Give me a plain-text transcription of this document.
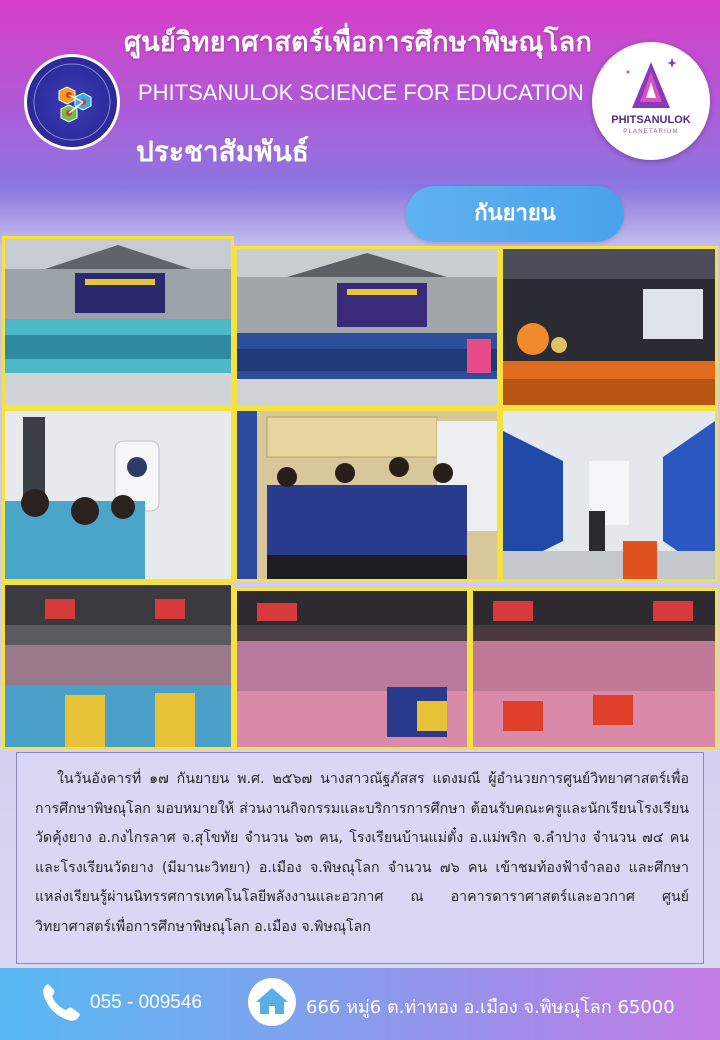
ศูนย์วิทยาศาสตร์เพื่อการศึกษาพิษณุโลก
PHITSANULOK SCIENCE FOR EDUCATION
ประชาสัมพันธ์
PHITSANULOK
PLANETARIUM
กันยายน
ในวันอังคารที่ ๑๗ กันยายน พ.ศ. ๒๕๖๗ นางสาวณัฐภัสสร แดงมณี ผู้อำนวยการศูนย์วิทยาศาสตร์เพื่อการศึกษาพิษณุโลก มอบหมายให้ ส่วนงานกิจกรรมและบริการการศึกษา ต้อนรับคณะครูและนักเรียนโรงเรียนวัดคุ้งยาง อ.กงไกรลาศ จ.สุโขทัย จำนวน ๖๓ คน, โรงเรียนบ้านแม่ตั๋ง อ.แม่พริก จ.ลำปาง จำนวน ๗๔ คน และโรงเรียนวัดยาง (มีมานะวิทยา) อ.เมือง จ.พิษณุโลก จำนวน ๗๖ คน เข้าชมท้องฟ้าจำลอง และศึกษาแหล่งเรียนรู้ผ่านนิทรรศการเทคโนโลยีพลังงานและอวกาศ ณ อาคารดาราศาสตร์และอวกาศ ศูนย์วิทยาศาสตร์เพื่อการศึกษาพิษณุโลก อ.เมือง จ.พิษณุโลก
055 - 009546	666 หมู่6 ต.ท่าทอง อ.เมือง จ.พิษณุโลก 65000
